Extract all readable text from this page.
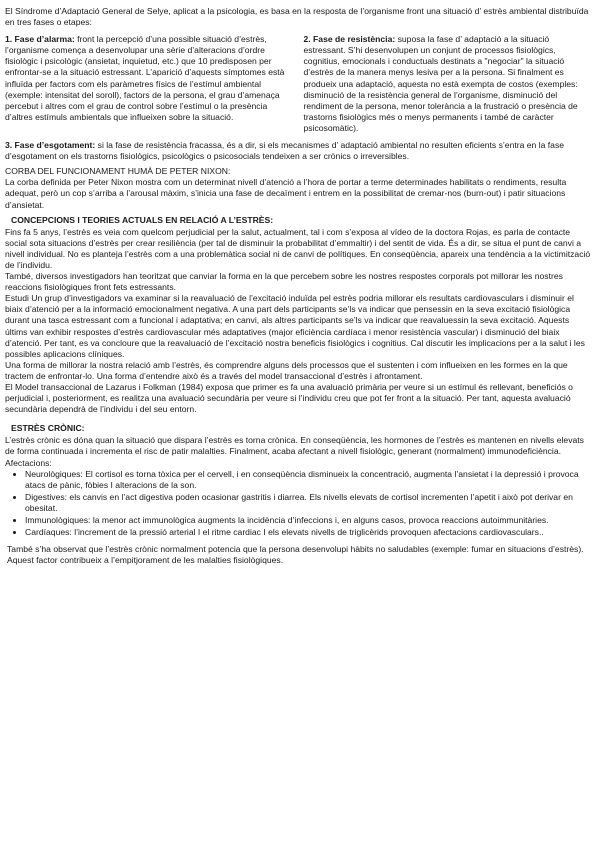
El Síndrome d’Adaptació General de Selye, aplicat a la psicologia, es basa en la resposta de l’organisme front una situació d’ estrès ambiental distribuïda en tres fases o etapes:

1. Fase d’alarma: front la percepció d’una possible situació d’estrès, l’organisme comença a desenvolupar una sèrie d’alteracions d’ordre fisiològic i psicològic (ansietat, inquietud, etc.) que 10 predisposen per enfrontar-se a la situació estressant. L’aparició d’aquests símptomes està influïda per factors com els paràmetres físics de l’estímul ambiental (exemple: intensitat del soroll), factors de la persona, el grau d’amenaça percebut i altres com el grau de control sobre l’estímul o la presència d’altres estímuls ambientals que influeixen sobre la situació.
2. Fase de resistència: suposa la fase d’ adaptació a la situació estressant. S’hi desenvolupen un conjunt de processos fisiològics, cognitius, emocionals i conductuals destinats a "negociar" la situació d’estrès de la manera menys lesiva per a la persona. Si finalment es produeix una adaptació, aquesta no està exempta de costos (exemples: disminució de la resistència general de l’organisme, disminució del rendiment de la persona, menor tolerància a la frustració o presència de trastorns fisiològics més o menys permanents i també de caràcter psicosomàtic).

3. Fase d’esgotament: si la fase de resistència fracassa, és a dir, si els mecanismes d’ adaptació ambiental no resulten eficients s’entra en la fase d’esgotament on els trastorns fisiològics, psicològics o psicosocials tendeixen a ser crònics o irreversibles.

CORBA DEL FUNCIONAMENT HUMÀ DE PETER NIXON:

La corba definida per Peter Nixon mostra com un determinat nivell d’atenció a l’hora de portar a terme determinades habilitats o rendiments, resulta adequat, però un cop s’arriba a l’arousal màxim, s’inicia una fase de decaïment i entrem en la possibilitat de cremar-nos (burn-out) i patir situacions d’ansietat.

CONCEPCIONS I TEORIES ACTUALS EN RELACIÓ A L’ESTRÈS:

Fins fa 5 anys, l’estrès es veia com quelcom perjudicial per la salut, actualment, tal i com s’exposa al vídeo de la doctora Rojas, es parla de contacte social sota situacions d’estrès per crear resiliència (per tal de disminuir la probabilitat d’emmaltir) i del sentit de vida. És a dir, se situa el punt de canvi a nivell individual. No es planteja l’estrès com a una problemàtica social ni de canvi de polítiques. En conseqüència, apareix una tendència a la victimització de l’individu.

També, diversos investigadors han teoritzat que canviar la forma en la que percebem sobre les nostres respostes corporals pot millorar les nostres reaccions fisiològiques front fets estressants.

Estudi Un grup d’investigadors va examinar si la reavaluació de l’excitació induïda pel estrès podria millorar els resultats cardiovasculars i disminuir el biaix d’atenció per a la informació emocionalment negativa. A una part dels participants se’ls va indicar que pensessin en la seva excitació fisiològica durant una tasca estressant com a funcional i adaptativa; en canvi, als altres participants se’ls va indicar que reavaluessin la seva excitació. Aquests últims van exhibir respostes d’estrès cardiovascular més adaptatives (major eficiència cardíaca i menor resistència vascular) i disminució del biaix d’atenció. Per tant, es va concloure que la reavaluació de l’excitació nostra beneficis fisiològics i cognitius. Cal discutir les implicacions per a la salut i les possibles aplicacions clíniques.

Una forma de millorar la nostra relació amb l’estrès, és comprendre alguns dels processos que el sustenten i com influeixen en les formes en la que tractem de enfrontar-lo. Una forma d’entendre això és a través del model transaccional d’estrès i afrontament.

El Model transaccional de Lazarus i Folkman (1984) exposa que primer es fa una avaluació primària per veure si un estímul és rellevant, beneficiós o perjudicial i, posteriorment, es realitza una avaluació secundària per veure si l’individu creu que pot fer front a la situació. Per tant, aquesta avaluació secundària dependrà de l’individu i del seu entorn.

ESTRÈS CRÒNIC:

L’estrès crònic es dóna quan la situació que dispara l’estrès es torna crònica. En conseqüència, les hormones de l’estrès es mantenen en nivells elevats de forma continuada i incrementa el risc de patir malalties. Finalment, acaba afectant a nivell fisiològic, generant (normalment) immunodeficiència.

Afectacions:

• Neurològiques: El cortisol es torna tòxica per el cervell, i en conseqüència disminueix la concentració, augmenta l’ansietat i la depressió i provoca atacs de pànic, fòbies I alteracions de la son.
• Digestives: els canvis en l’act digestiva poden ocasionar gastritis i diarrea. Els nivells elevats de cortisol incrementen l’apetit i això pot derivar en obesitat.
• Immunològiques: la menor act immunològica augments la incidència d’infeccions i, en alguns casos, provoca reaccions autoimmunitàries.
• Cardíaques: l’increment de la pressió arterial I el ritme cardiac I els elevats nivells de triglicèrids provoquen afectacions cardiovasculars..

També s’ha observat que l’estrès crònic normalment potencia que la persona desenvolupi hàbits no saludables (exemple: fumar en situacions d’estrès). Aquest factor contribueix a l’empitjorament de les malalties fisiològiques.
